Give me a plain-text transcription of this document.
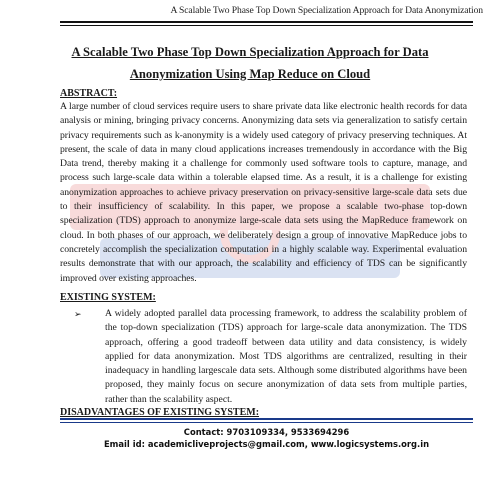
A Scalable Two Phase Top Down Specialization Approach for Data Anonymization
A Scalable Two Phase Top Down Specialization Approach for Data
Anonymization Using Map Reduce on Cloud
ABSTRACT:
A large number of cloud services require users to share private data like electronic health records for data analysis or mining, bringing privacy concerns. Anonymizing data sets via generalization to satisfy certain privacy requirements such as k-anonymity is a widely used category of privacy preserving techniques. At present, the scale of data in many cloud applications increases tremendously in accordance with the Big Data trend, thereby making it a challenge for commonly used software tools to capture, manage, and process such large-scale data within a tolerable elapsed time. As a result, it is a challenge for existing anonymization approaches to achieve privacy preservation on privacy-sensitive large-scale data sets due to their insufficiency of scalability. In this paper, we propose a scalable two-phase top-down specialization (TDS) approach to anonymize large-scale data sets using the MapReduce framework on cloud. In both phases of our approach, we deliberately design a group of innovative MapReduce jobs to concretely accomplish the specialization computation in a highly scalable way. Experimental evaluation results demonstrate that with our approach, the scalability and efficiency of TDS can be significantly improved over existing approaches.
EXISTING SYSTEM:
➢ A widely adopted parallel data processing framework, to address the scalability problem of the top-down specialization (TDS) approach for large-scale data anonymization. The TDS approach, offering a good tradeoff between data utility and data consistency, is widely applied for data anonymization. Most TDS algorithms are centralized, resulting in their inadequacy in handling largescale data sets. Although some distributed algorithms have been proposed, they mainly focus on secure anonymization of data sets from multiple parties, rather than the scalability aspect.
DISADVANTAGES OF EXISTING SYSTEM:
Contact: 9703109334, 9533694296
Email id: academicliveprojects@gmail.com, www.logicsystems.org.in
